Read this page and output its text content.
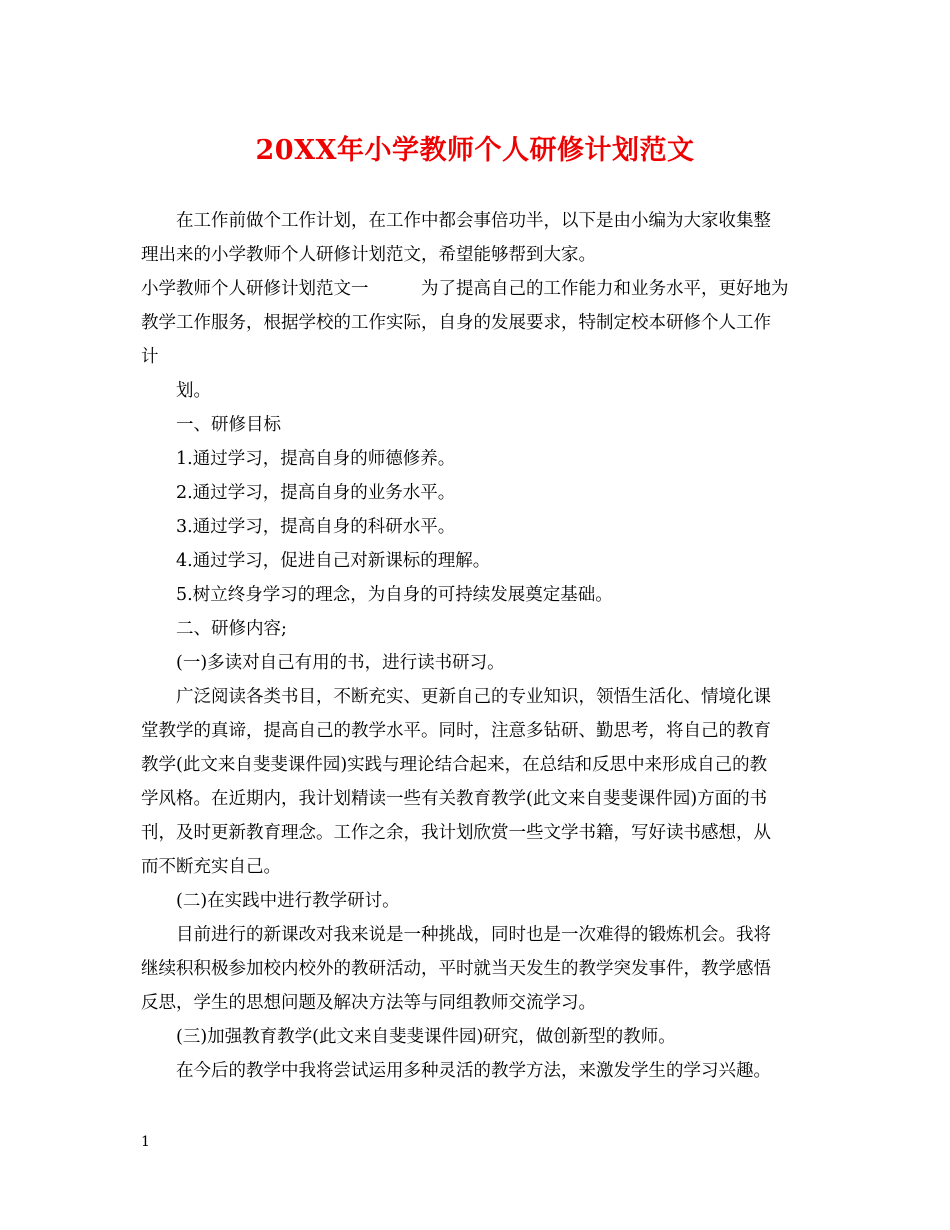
20XX年小学教师个人研修计划范文
在工作前做个工作计划，在工作中都会事倍功半，以下是由小编为大家收集整
理出来的小学教师个人研修计划范文，希望能够帮到大家。
小学教师个人研修计划范文一　　　为了提高自己的工作能力和业务水平，更好地为
教学工作服务，根据学校的工作实际，自身的发展要求，特制定校本研修个人工作
计
划。
一、研修目标
1.通过学习，提高自身的师德修养。
2.通过学习，提高自身的业务水平。
3.通过学习，提高自身的科研水平。
4.通过学习，促进自己对新课标的理解。
5.树立终身学习的理念，为自身的可持续发展奠定基础。
二、研修内容;
(一)多读对自己有用的书，进行读书研习。
广泛阅读各类书目，不断充实、更新自己的专业知识，领悟生活化、情境化课
堂教学的真谛，提高自己的教学水平。同时，注意多钻研、勤思考，将自己的教育
教学(此文来自斐斐课件园)实践与理论结合起来，在总结和反思中来形成自己的教
学风格。在近期内，我计划精读一些有关教育教学(此文来自斐斐课件园)方面的书
刊，及时更新教育理念。工作之余，我计划欣赏一些文学书籍，写好读书感想，从
而不断充实自己。
(二)在实践中进行教学研讨。
目前进行的新课改对我来说是一种挑战，同时也是一次难得的锻炼机会。我将
继续积积极参加校内校外的教研活动，平时就当天发生的教学突发事件，教学感悟
反思，学生的思想问题及解决方法等与同组教师交流学习。
(三)加强教育教学(此文来自斐斐课件园)研究，做创新型的教师。
在今后的教学中我将尝试运用多种灵活的教学方法，来激发学生的学习兴趣。
1
